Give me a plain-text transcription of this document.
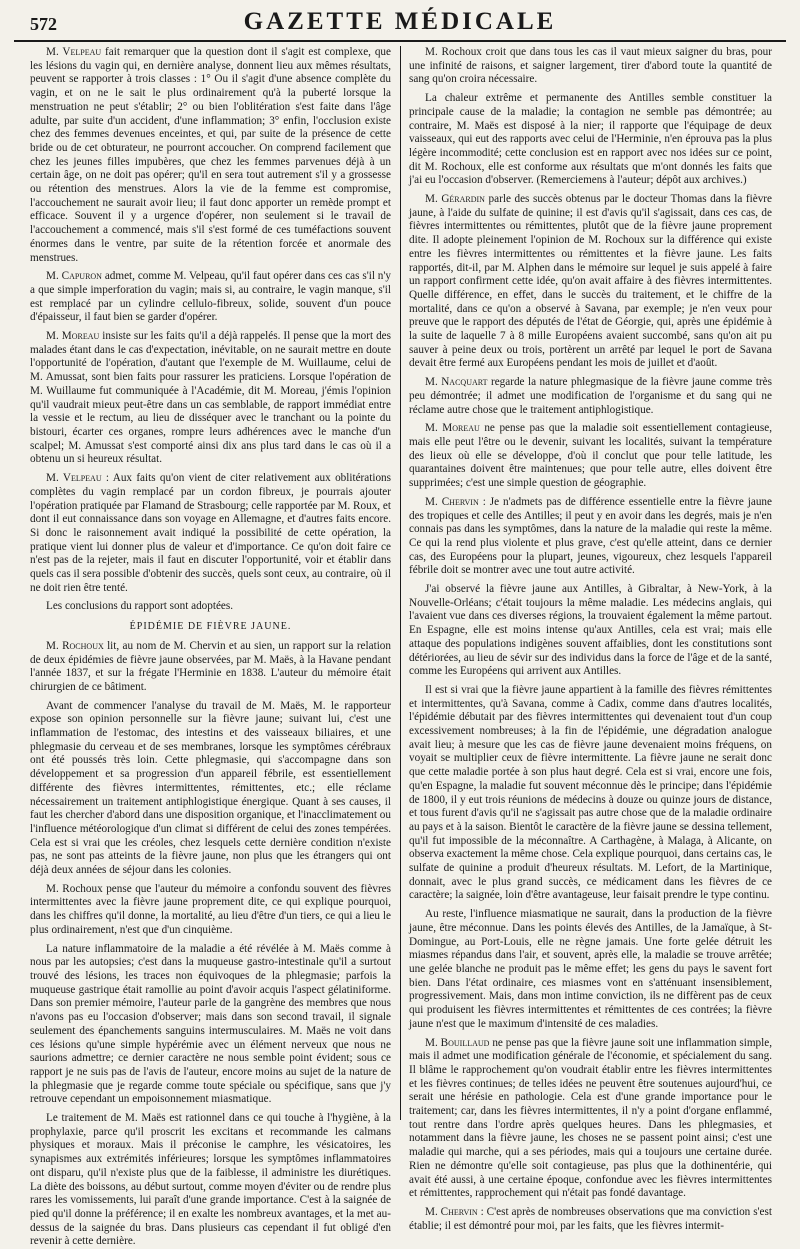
572	GAZETTE MÉDICALE

M. Velpeau fait remarquer que la question dont il s'agit est complexe, que les lésions du vagin qui, en dernière analyse, donnent lieu aux mêmes résultats, peuvent se rapporter à trois classes : 1° Ou il s'agit d'une absence complète du vagin, et on ne le sait le plus ordinairement qu'à la puberté lorsque la menstruation ne peut s'établir; 2° ou bien l'oblitération s'est faite dans l'âge adulte, par suite d'un accident, d'une inflammation; 3° enfin, l'occlusion existe chez des femmes devenues enceintes, et qui, par suite de la présence de cette bride ou de cet obturateur, ne pourront accoucher. On comprend facilement que chez les jeunes filles impubères, que chez les femmes parvenues déjà à un certain âge, on ne doit pas opérer; qu'il en sera tout autrement s'il y a grossesse ou rétention des menstrues. Alors la vie de la femme est compromise, l'accouchement ne saurait avoir lieu; il faut donc apporter un remède prompt et efficace. Souvent il y a urgence d'opérer, non seulement si le travail de l'accouchement a commencé, mais s'il s'est formé de ces tuméfactions souvent énormes dans le ventre, par suite de la rétention forcée et anormale des menstrues.

M. Capuron admet, comme M. Velpeau, qu'il faut opérer dans ces cas s'il n'y a que simple imperforation du vagin; mais si, au contraire, le vagin manque, s'il est remplacé par un cylindre cellulo-fibreux, solide, souvent d'un pouce d'épaisseur, il faut bien se garder d'opérer.

M. Moreau insiste sur les faits qu'il a déjà rappelés. Il pense que la mort des malades étant dans le cas d'expectation, inévitable, on ne saurait mettre en doute l'opportunité de l'opération, d'autant que l'exemple de M. Wuillaume, celui de M. Amussat, sont bien faits pour rassurer les praticiens. Lorsque l'opération de M. Wuillaume fut communiquée à l'Académie, dit M. Moreau, j'émis l'opinion qu'il vaudrait mieux peut-être dans un cas semblable, de rapport immédiat entre la vessie et le rectum, au lieu de disséquer avec le tranchant ou la pointe du bistouri, écarter ces organes, rompre leurs adhérences avec le manche d'un scalpel; M. Amussat s'est comporté ainsi dix ans plus tard dans le cas où il a obtenu un si heureux résultat.

M. Velpeau : Aux faits qu'on vient de citer relativement aux oblitérations complètes du vagin remplacé par un cordon fibreux, je pourrais ajouter l'opération pratiquée par Flamand de Strasbourg; celle rapportée par M. Roux, et dont il eut connaissance dans son voyage en Allemagne, et d'autres faits encore. Si donc le raisonnement avait indiqué la possibilité de cette opération, la pratique vient lui donner plus de valeur et d'importance. Ce qu'on doit faire ce n'est pas de la rejeter, mais il faut en discuter l'opportunité, voir et établir dans quels cas il sera possible d'obtenir des succès, quels sont ceux, au contraire, où il ne doit rien être tenté.

Les conclusions du rapport sont adoptées.

ÉPIDÉMIE DE FIÈVRE JAUNE.

M. Rochoux lit, au nom de M. Chervin et au sien, un rapport sur la relation de deux épidémies de fièvre jaune observées, par M. Maës, à la Havane pendant l'année 1837, et sur la frégate l'Herminie en 1838. L'auteur du mémoire était chirurgien de ce bâtiment.

Avant de commencer l'analyse du travail de M. Maës, M. le rapporteur expose son opinion personnelle sur la fièvre jaune; suivant lui, c'est une inflammation de l'estomac, des intestins et des vaisseaux biliaires, et une phlegmasie du cerveau et de ses membranes, lorsque les symptômes cérébraux ont été poussés très loin. Cette phlegmasie, qui s'accompagne dans son développement et sa progression d'un appareil fébrile, est essentiellement différente des fièvres intermittentes, rémittentes, etc.; elle réclame nécessairement un traitement antiphlogistique énergique. Quant à ses causes, il faut les chercher d'abord dans une disposition organique, et l'inacclimatement ou l'influence météorologique d'un climat si différent de celui des zones tempérées. Cela est si vrai que les créoles, chez lesquels cette dernière condition n'existe pas, ne sont pas atteints de la fièvre jaune, non plus que les étrangers qui ont déjà deux années de séjour dans les colonies.

M. Rochoux pense que l'auteur du mémoire a confondu souvent des fièvres intermittentes avec la fièvre jaune proprement dite, ce qui explique pourquoi, dans les chiffres qu'il donne, la mortalité, au lieu d'être d'un tiers, ce qui a lieu le plus ordinairement, n'est que d'un cinquième.

La nature inflammatoire de la maladie a été révélée à M. Maës comme à nous par les autopsies; c'est dans la muqueuse gastro-intestinale qu'il a surtout trouvé des lésions, les traces non équivoques de la phlegmasie; parfois la muqueuse gastrique était ramollie au point d'avoir acquis l'aspect gélatiniforme. Dans son premier mémoire, l'auteur parle de la gangrène des membres que nous n'avons pas eu l'occasion d'observer; mais dans son second travail, il signale seulement des épanchements sanguins intermusculaires. M. Maës ne voit dans ces lésions qu'une simple hypérémie avec un élément nerveux que nous ne saurions admettre; ce dernier caractère ne nous semble point évident; sous ce rapport je ne suis pas de l'avis de l'auteur, encore moins au sujet de la nature de la phlegmasie que je regarde comme toute spéciale ou spécifique, sans que j'y retrouve cependant un empoisonnement miasmatique.

Le traitement de M. Maës est rationnel dans ce qui touche à l'hygiène, à la prophylaxie, parce qu'il proscrit les excitans et recommande les calmans physiques et moraux. Mais il préconise le camphre, les vésicatoires, les synapismes aux extrémités inférieures; lorsque les symptômes inflammatoires ont disparu, qu'il n'existe plus que de la faiblesse, il administre les diurétiques. La diète des boissons, au début surtout, comme moyen d'éviter ou de rendre plus rares les vomissements, lui paraît d'une grande importance. C'est à la saignée de pied qu'il donne la préférence; il en exalte les nombreux avantages, et la met au-dessus de la saignée du bras. Dans plusieurs cas cependant il fut obligé d'en revenir à cette dernière.

M. Rochoux croit que dans tous les cas il vaut mieux saigner du bras, pour une infinité de raisons, et saigner largement, tirer d'abord toute la quantité de sang qu'on croira nécessaire.

La chaleur extrême et permanente des Antilles semble constituer la principale cause de la maladie; la contagion ne semble pas démontrée; au contraire, M. Maës est disposé à la nier; il rapporte que l'équipage de deux vaisseaux, qui eut des rapports avec celui de l'Herminie, n'en éprouva pas la plus légère incommodité; cette conclusion est en rapport avec nos idées sur ce point, dit M. Rochoux, elle est conforme aux résultats que m'ont donnés les faits que j'ai eu l'occasion d'observer. (Remerciemens à l'auteur; dépôt aux archives.)

M. Gérardin parle des succès obtenus par le docteur Thomas dans la fièvre jaune, à l'aide du sulfate de quinine; il est d'avis qu'il s'agissait, dans ces cas, de fièvres intermittentes ou rémittentes, plutôt que de la fièvre jaune proprement dite. Il adopte pleinement l'opinion de M. Rochoux sur la différence qui existe entre les fièvres intermittentes ou rémittentes et la fièvre jaune. Les faits rapportés, dit-il, par M. Alphen dans le mémoire sur lequel je suis appelé à faire un rapport confirment cette idée, qu'on avait affaire à des fièvres intermittentes. Quelle différence, en effet, dans le succès du traitement, et le chiffre de la mortalité, dans ce qu'on a observé à Savana, par exemple; je n'en veux pour preuve que le rapport des députés de l'état de Géorgie, qui, après une épidémie à la suite de laquelle 7 à 8 mille Européens avaient succombé, sans qu'on ait pu sauver à peine deux ou trois, portèrent un arrêté par lequel le port de Savana devait être fermé aux Européens pendant les mois de juillet et d'août.

M. Nacquart regarde la nature phlegmasique de la fièvre jaune comme très peu démontrée; il admet une modification de l'organisme et du sang qui ne réclame autre chose que le traitement antiphlogistique.

M. Moreau ne pense pas que la maladie soit essentiellement contagieuse, mais elle peut l'être ou le devenir, suivant les localités, suivant la température des lieux où elle se développe, d'où il conclut que pour telle latitude, les quarantaines doivent être maintenues; que pour telle autre, elles doivent être supprimées; c'est une simple question de géographie.

M. Chervin : Je n'admets pas de différence essentielle entre la fièvre jaune des tropiques et celle des Antilles; il peut y en avoir dans les degrés, mais je n'en connais pas dans les symptômes, dans la nature de la maladie qui reste la même. Ce qui la rend plus violente et plus grave, c'est qu'elle atteint, dans ce dernier cas, des Européens pour la plupart, jeunes, vigoureux, chez lesquels l'appareil fébrile doit se montrer avec une tout autre activité.

J'ai observé la fièvre jaune aux Antilles, à Gibraltar, à New-York, à la Nouvelle-Orléans; c'était toujours la même maladie. Les médecins anglais, qui l'avaient vue dans ces diverses régions, la trouvaient également la même partout. En Espagne, elle est moins intense qu'aux Antilles, cela est vrai; mais elle attaque des populations indigènes souvent affaiblies, dont les constitutions sont détériorées, au lieu de sévir sur des individus dans la force de l'âge et de la santé, comme les Européens qui arrivent aux Antilles.

Il est si vrai que la fièvre jaune appartient à la famille des fièvres rémittentes et intermittentes, qu'à Savana, comme à Cadix, comme dans d'autres localités, l'épidémie débutait par des fièvres intermittentes qui devenaient tout d'un coup excessivement nombreuses; à la fin de l'épidémie, une dégradation analogue avait lieu; à mesure que les cas de fièvre jaune devenaient moins fréquens, on voyait se multiplier ceux de fièvre intermittente. La fièvre jaune ne serait donc que cette maladie portée à son plus haut degré. Cela est si vrai, encore une fois, qu'en Espagne, la maladie fut souvent méconnue dès le principe; dans l'épidémie de 1800, il y eut trois réunions de médecins à douze ou quinze jours de distance, et tous furent d'avis qu'il ne s'agissait pas autre chose que de la maladie ordinaire au pays et à la saison. Bientôt le caractère de la fièvre jaune se dessina tellement, qu'il fut impossible de la méconnaître. A Carthagène, à Malaga, à Alicante, on observa exactement la même chose. Cela explique pourquoi, dans certains cas, le sulfate de quinine a produit d'heureux résultats. M. Lefort, de la Martinique, donnait, avec le plus grand succès, ce médicament dans les fièvres de ce caractère; la saignée, loin d'être avantageuse, leur faisait prendre le type continu.

Au reste, l'influence miasmatique ne saurait, dans la production de la fièvre jaune, être méconnue. Dans les points élevés des Antilles, de la Jamaïque, à St-Domingue, au Port-Louis, elle ne règne jamais. Une forte gelée détruit les miasmes répandus dans l'air, et souvent, après elle, la maladie se trouve arrêtée; une gelée blanche ne produit pas le même effet; les gens du pays le savent fort bien. Dans l'état ordinaire, ces miasmes vont en s'atténuant insensiblement, progressivement. Mais, dans mon intime conviction, ils ne diffèrent pas de ceux qui produisent les fièvres intermittentes et rémittentes de ces contrées; la fièvre jaune n'est que le maximum d'intensité de ces maladies.

M. Bouillaud ne pense pas que la fièvre jaune soit une inflammation simple, mais il admet une modification générale de l'économie, et spécialement du sang. Il blâme le rapprochement qu'on voudrait établir entre les fièvres intermittentes et les fièvres continues; de telles idées ne peuvent être soutenues aujourd'hui, ce serait une hérésie en pathologie. Cela est d'une grande importance pour le traitement; car, dans les fièvres intermittentes, il n'y a point d'organe enflammé, tout rentre dans l'ordre après quelques heures. Dans les phlegmasies, et notamment dans la fièvre jaune, les choses ne se passent point ainsi; c'est une maladie qui marche, qui a ses périodes, mais qui a toujours une certaine durée. Rien ne démontre qu'elle soit contagieuse, pas plus que la dothinentérie, qui avait été aussi, à une certaine époque, confondue avec les fièvres intermittentes et rémittentes, rapprochement qui n'était pas fondé davantage.

M. Chervin : C'est après de nombreuses observations que ma conviction s'est établie; il est démontré pour moi, par les faits, que les fièvres intermit-
